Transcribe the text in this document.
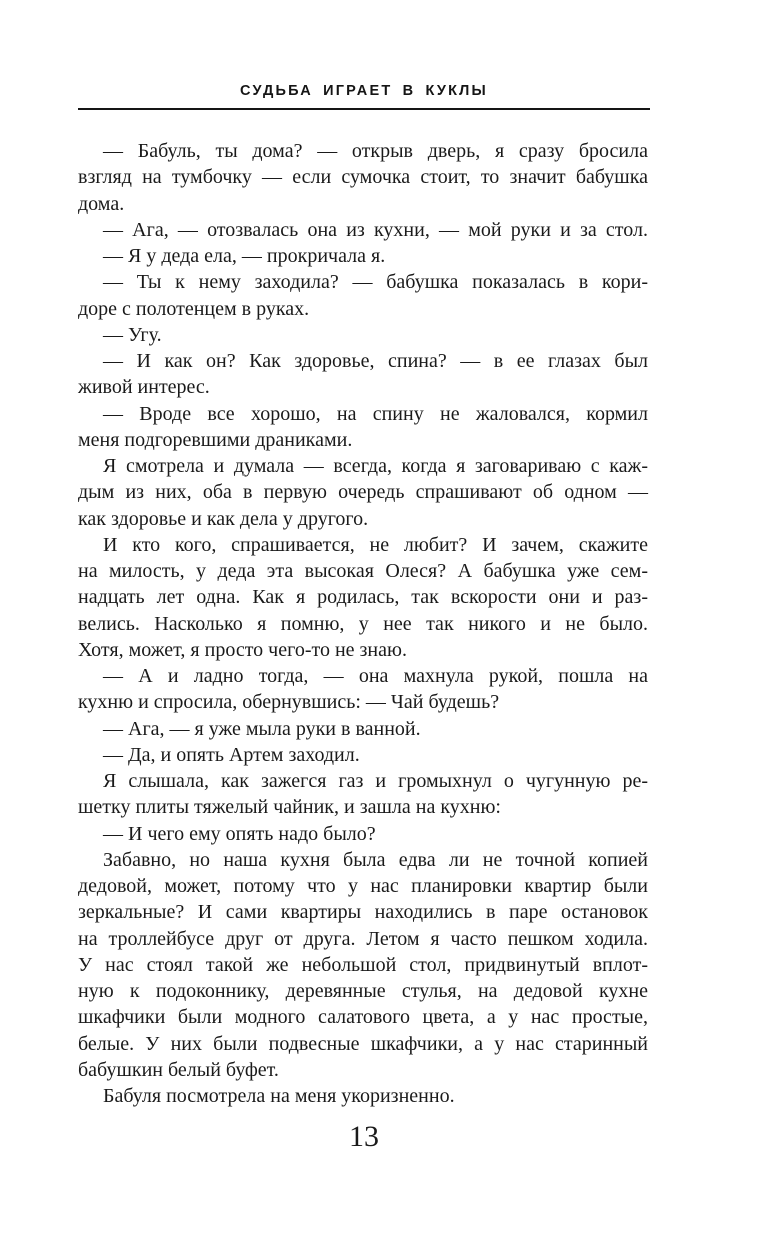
СУДЬБА ИГРАЕТ В КУКЛЫ
— Бабуль, ты дома? — открыв дверь, я сразу бросила
взгляд на тумбочку — если сумочка стоит, то значит бабушка
дома.
— Ага, — отозвалась она из кухни, — мой руки и за стол.
— Я у деда ела, — прокричала я.
— Ты к нему заходила? — бабушка показалась в кори-
доре с полотенцем в руках.
— Угу.
— И как он? Как здоровье, спина? — в ее глазах был
живой интерес.
— Вроде все хорошо, на спину не жаловался, кормил
меня подгоревшими драниками.
Я смотрела и думала — всегда, когда я заговариваю с каж-
дым из них, оба в первую очередь спрашивают об одном —
как здоровье и как дела у другого.
И кто кого, спрашивается, не любит? И зачем, скажите
на милость, у деда эта высокая Олеся? А бабушка уже сем-
надцать лет одна. Как я родилась, так вскорости они и раз-
велись. Насколько я помню, у нее так никого и не было.
Хотя, может, я просто чего-то не знаю.
— А и ладно тогда, — она махнула рукой, пошла на
кухню и спросила, обернувшись: — Чай будешь?
— Ага, — я уже мыла руки в ванной.
— Да, и опять Артем заходил.
Я слышала, как зажегся газ и громыхнул о чугунную ре-
шетку плиты тяжелый чайник, и зашла на кухню:
— И чего ему опять надо было?
Забавно, но наша кухня была едва ли не точной копией
дедовой, может, потому что у нас планировки квартир были
зеркальные? И сами квартиры находились в паре остановок
на троллейбусе друг от друга. Летом я часто пешком ходила.
У нас стоял такой же небольшой стол, придвинутый вплот-
ную к подоконнику, деревянные стулья, на дедовой кухне
шкафчики были модного салатового цвета, а у нас простые,
белые. У них были подвесные шкафчики, а у нас старинный
бабушкин белый буфет.
Бабуля посмотрела на меня укоризненно.
13
